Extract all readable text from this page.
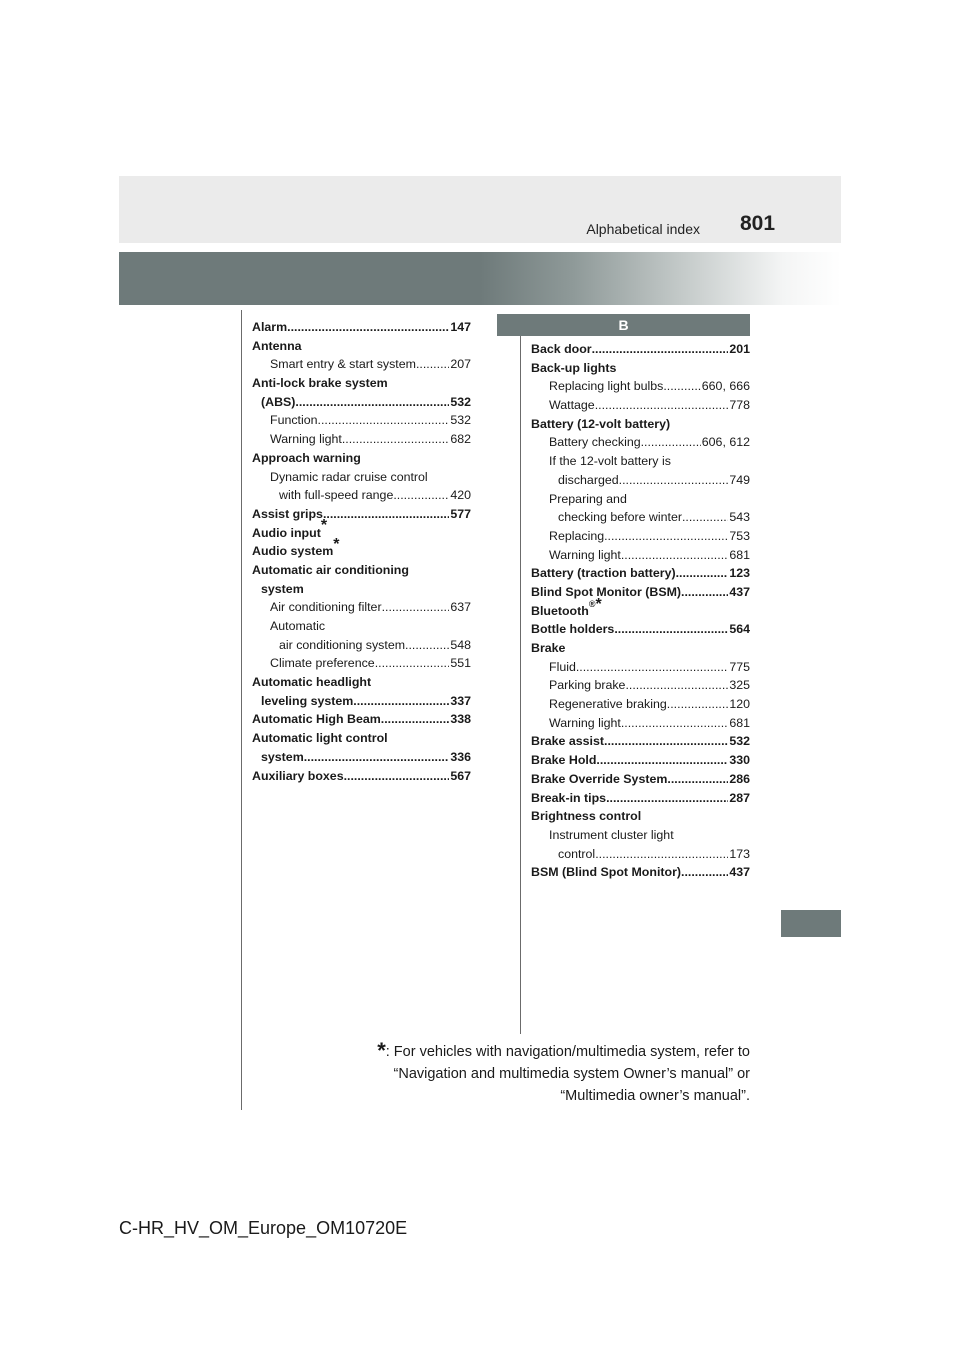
Alphabetical index 801
B
Alarm .....	147
Antenna
Smart entry & start system .....	207
Anti-lock brake system
(ABS) .....	532
Function .....	532
Warning light .....	682
Approach warning
Dynamic radar cruise control
with full-speed range .....	420
Assist grips .....	577
Audio input*
Audio system*
Automatic air conditioning
system
Air conditioning filter .....	637
Automatic
air conditioning system .....	548
Climate preference .....	551
Automatic headlight
leveling system .....	337
Automatic High Beam .....	338
Automatic light control
system .....	336
Auxiliary boxes .....	567
Back door .....	201
Back-up lights
Replacing light bulbs .....	660, 666
Wattage .....	778
Battery (12-volt battery)
Battery checking .....	606, 612
If the 12-volt battery is
discharged .....	749
Preparing and
checking before winter .....	543
Replacing .....	753
Warning light .....	681
Battery (traction battery) .....	123
Blind Spot Monitor (BSM) .....	437
Bluetooth®*
Bottle holders .....	564
Brake
Fluid .....	775
Parking brake .....	325
Regenerative braking .....	120
Warning light .....	681
Brake assist .....	532
Brake Hold .....	330
Brake Override System .....	286
Break-in tips .....	287
Brightness control
Instrument cluster light
control .....	173
BSM (Blind Spot Monitor) .....	437
*: For vehicles with navigation/multimedia system, refer to
“Navigation and multimedia system Owner’s manual” or
“Multimedia owner’s manual”.
C-HR_HV_OM_Europe_OM10720E
